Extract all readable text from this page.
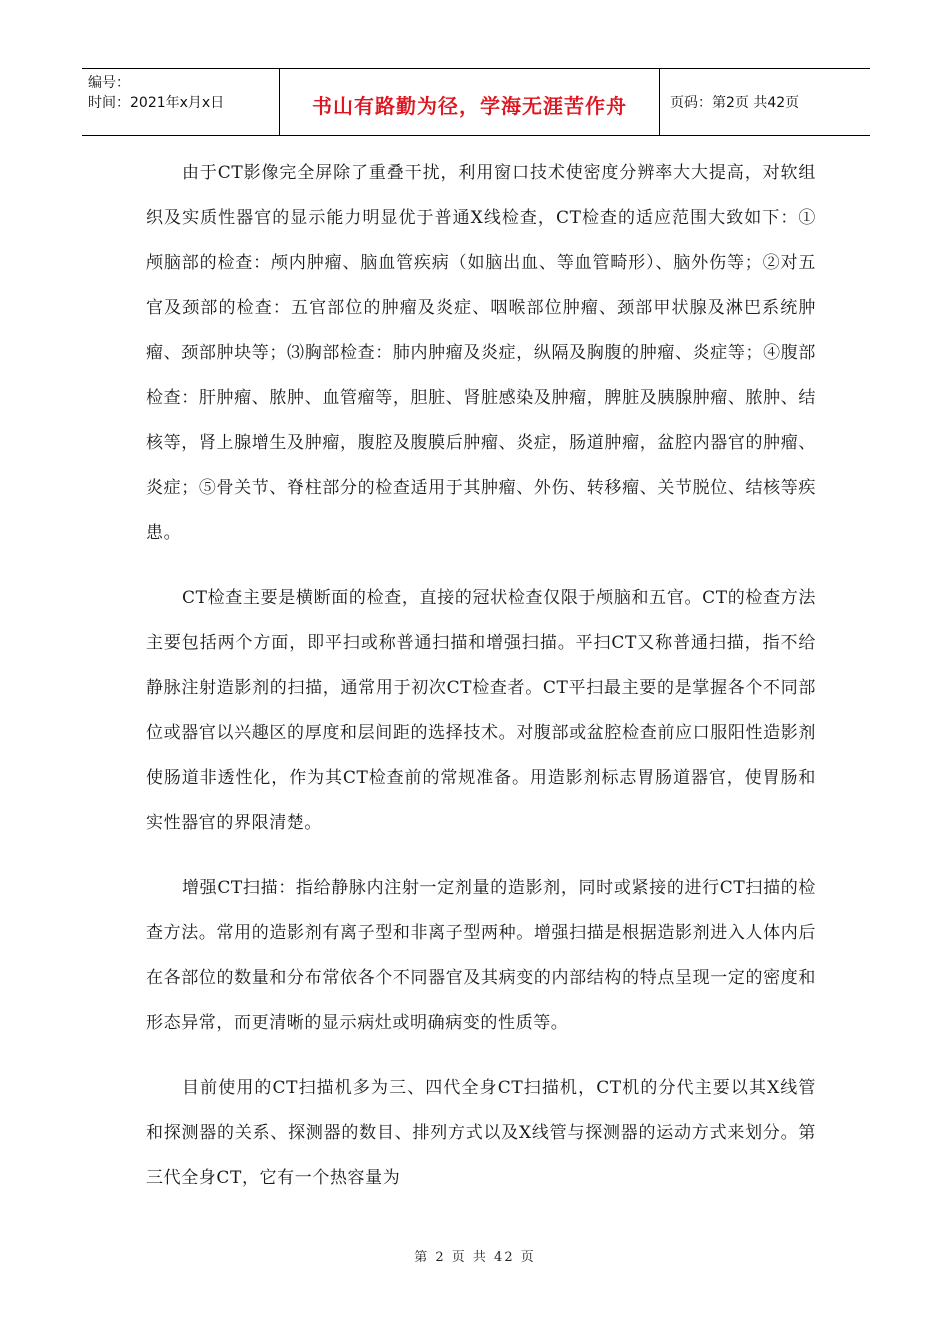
编号：
时间：2021年x月x日	书山有路勤为径，学海无涯苦作舟	页码：第2页 共42页

由于CT影像完全屏除了重叠干扰，利用窗口技术使密度分辨率大大提高，对软组织及实质性器官的显示能力明显优于普通X线检查，CT检查的适应范围大致如下：①颅脑部的检查：颅内肿瘤、脑血管疾病（如脑出血、等血管畸形）、脑外伤等；②对五官及颈部的检查：五官部位的肿瘤及炎症、咽喉部位肿瘤、颈部甲状腺及淋巴系统肿瘤、颈部肿块等；⑶胸部检查：肺内肿瘤及炎症，纵隔及胸腹的肿瘤、炎症等；④腹部检查：肝肿瘤、脓肿、血管瘤等，胆脏、肾脏感染及肿瘤，脾脏及胰腺肿瘤、脓肿、结核等，肾上腺增生及肿瘤，腹腔及腹膜后肿瘤、炎症，肠道肿瘤，盆腔内器官的肿瘤、炎症；⑤骨关节、脊柱部分的检查适用于其肿瘤、外伤、转移瘤、关节脱位、结核等疾患。

CT检查主要是横断面的检查，直接的冠状检查仅限于颅脑和五官。CT的检查方法主要包括两个方面，即平扫或称普通扫描和增强扫描。平扫CT又称普通扫描，指不给静脉注射造影剂的扫描，通常用于初次CT检查者。CT平扫最主要的是掌握各个不同部位或器官以兴趣区的厚度和层间距的选择技术。对腹部或盆腔检查前应口服阳性造影剂使肠道非透性化，作为其CT检查前的常规准备。用造影剂标志胃肠道器官，使胃肠和实性器官的界限清楚。

增强CT扫描：指给静脉内注射一定剂量的造影剂，同时或紧接的进行CT扫描的检查方法。常用的造影剂有离子型和非离子型两种。增强扫描是根据造影剂进入人体内后在各部位的数量和分布常依各个不同器官及其病变的内部结构的特点呈现一定的密度和形态异常，而更清晰的显示病灶或明确病变的性质等。

目前使用的CT扫描机多为三、四代全身CT扫描机，CT机的分代主要以其X线管和探测器的关系、探测器的数目、排列方式以及X线管与探测器的运动方式来划分。第三代全身CT，它有一个热容量为

第 2 页 共 42 页
